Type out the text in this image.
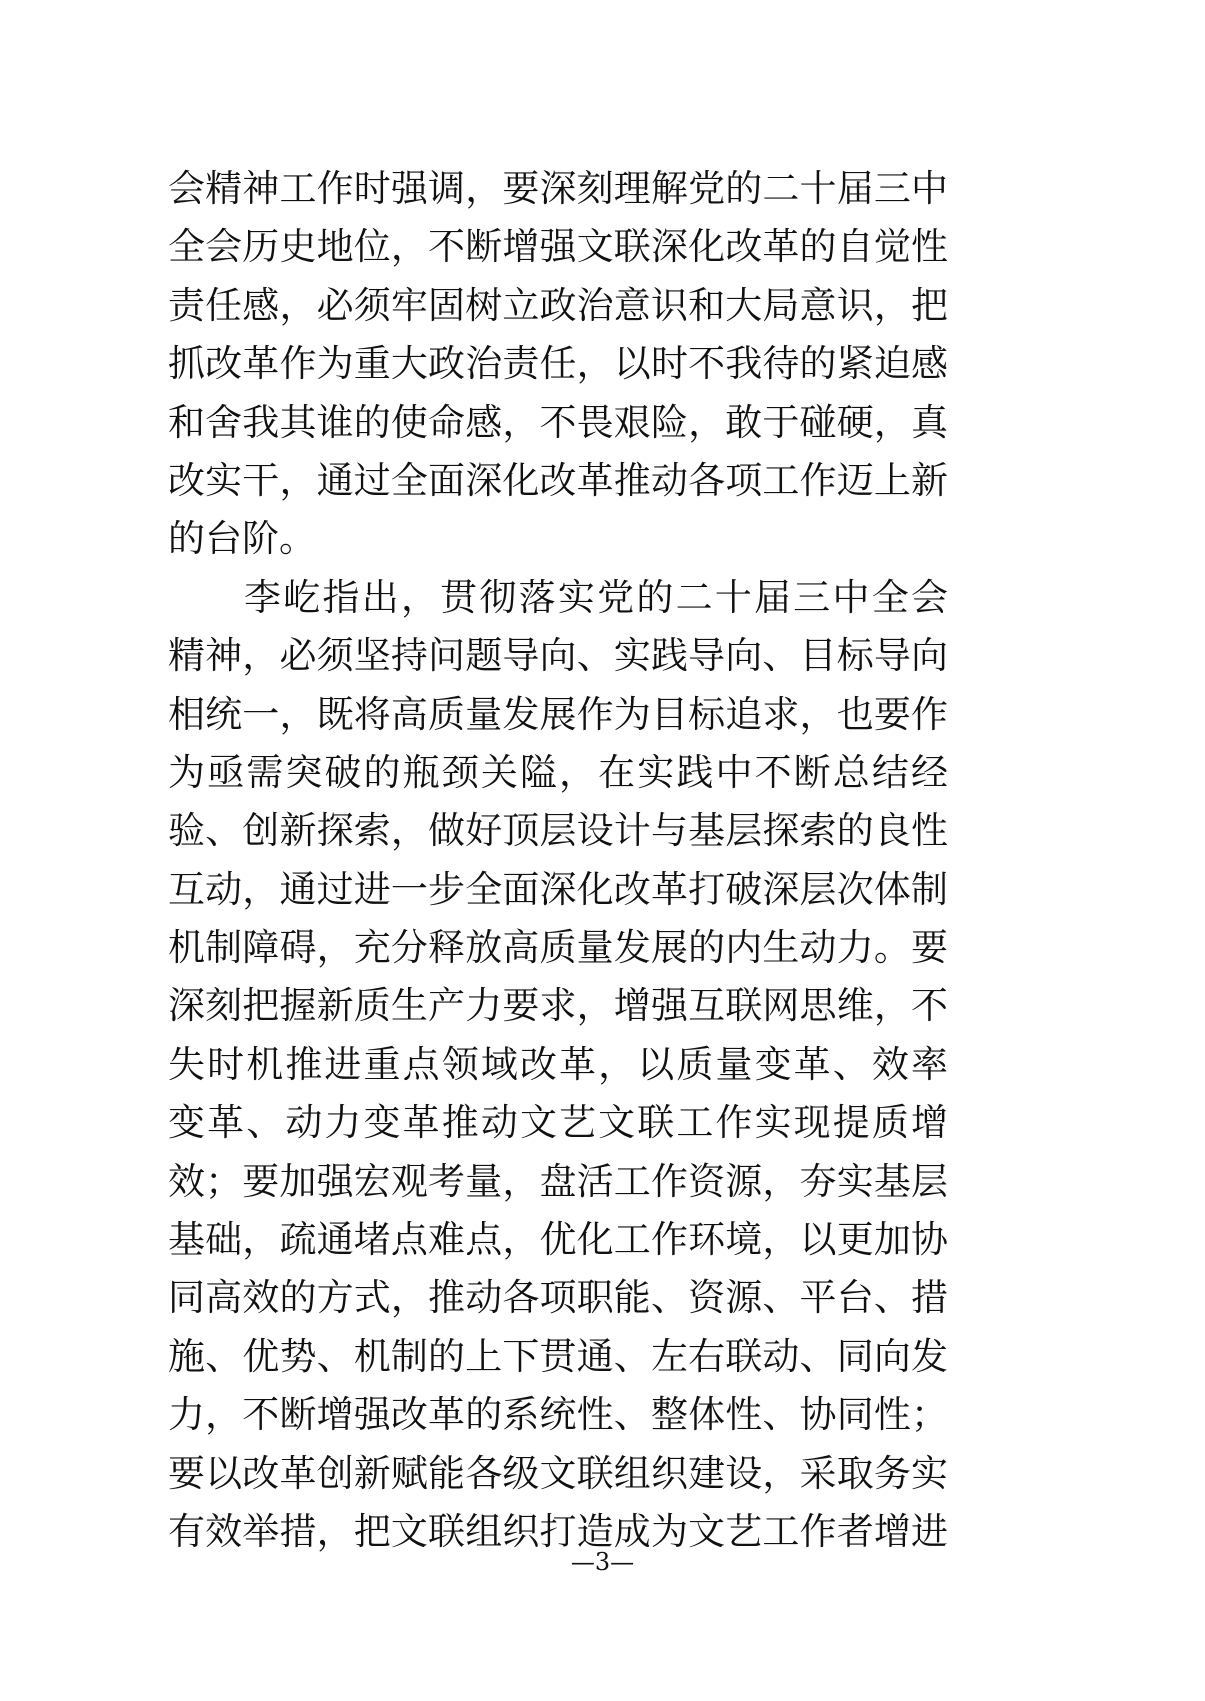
会精神工作时强调，要深刻理解党的二十届三中
全会历史地位，不断增强文联深化改革的自觉性
责任感，必须牢固树立政治意识和大局意识，把
抓改革作为重大政治责任，以时不我待的紧迫感
和舍我其谁的使命感，不畏艰险，敢于碰硬，真
改实干，通过全面深化改革推动各项工作迈上新
的台阶。
李屹指出，贯彻落实党的二十届三中全会
精神，必须坚持问题导向、实践导向、目标导向
相统一，既将高质量发展作为目标追求，也要作
为亟需突破的瓶颈关隘，在实践中不断总结经
验、创新探索，做好顶层设计与基层探索的良性
互动，通过进一步全面深化改革打破深层次体制
机制障碍，充分释放高质量发展的内生动力。要
深刻把握新质生产力要求，增强互联网思维，不
失时机推进重点领域改革，以质量变革、效率
变革、动力变革推动文艺文联工作实现提质增
效；要加强宏观考量，盘活工作资源，夯实基层
基础，疏通堵点难点，优化工作环境，以更加协
同高效的方式，推动各项职能、资源、平台、措
施、优势、机制的上下贯通、左右联动、同向发
力，不断增强改革的系统性、整体性、协同性；
要以改革创新赋能各级文联组织建设，采取务实
有效举措，把文联组织打造成为文艺工作者增进
—3—
